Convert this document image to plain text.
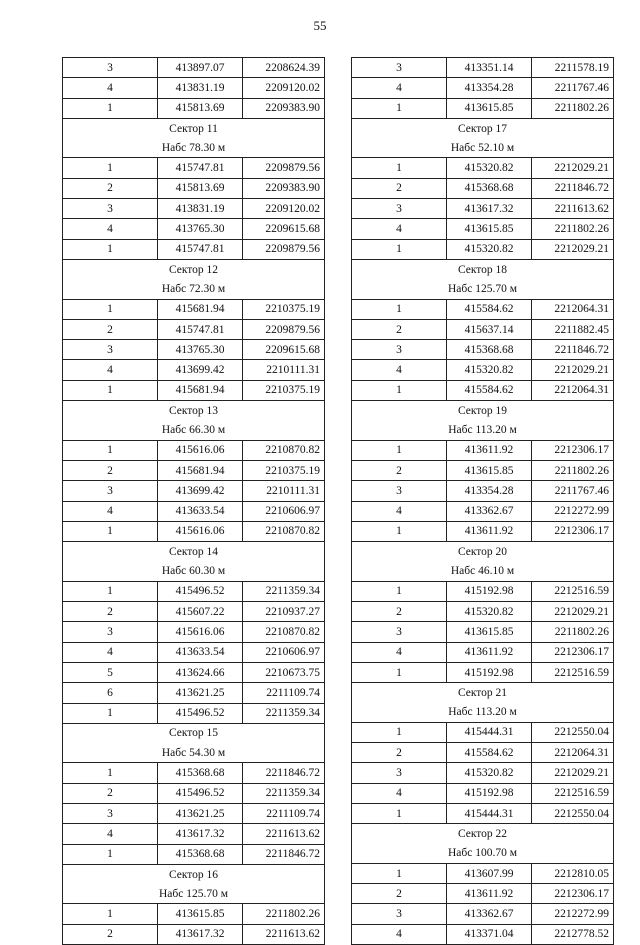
55
3	413897.07	2208624.39
4	413831.19	2209120.02
1	415813.69	2209383.90
Сектор 11		
Набс 78.30 м		
1	415747.81	2209879.56
2	415813.69	2209383.90
3	413831.19	2209120.02
4	413765.30	2209615.68
1	415747.81	2209879.56
Сектор 12		
Набс 72.30 м		
1	415681.94	2210375.19
2	415747.81	2209879.56
3	413765.30	2209615.68
4	413699.42	2210111.31
1	415681.94	2210375.19
Сектор 13		
Набс 66.30 м		
1	415616.06	2210870.82
2	415681.94	2210375.19
3	413699.42	2210111.31
4	413633.54	2210606.97
1	415616.06	2210870.82
Сектор 14		
Набс 60.30 м		
1	415496.52	2211359.34
2	415607.22	2210937.27
3	415616.06	2210870.82
4	413633.54	2210606.97
5	413624.66	2210673.75
6	413621.25	2211109.74
1	415496.52	2211359.34
Сектор 15		
Набс 54.30 м		
1	415368.68	2211846.72
2	415496.52	2211359.34
3	413621.25	2211109.74
4	413617.32	2211613.62
1	415368.68	2211846.72
Сектор 16		
Набс 125.70 м		
1	413615.85	2211802.26
2	413617.32	2211613.62
3	413351.14	2211578.19
4	413354.28	2211767.46
1	413615.85	2211802.26
Сектор 17		
Набс 52.10 м		
1	415320.82	2212029.21
2	415368.68	2211846.72
3	413617.32	2211613.62
4	413615.85	2211802.26
1	415320.82	2212029.21
Сектор 18		
Набс 125.70 м		
1	415584.62	2212064.31
2	415637.14	2211882.45
3	415368.68	2211846.72
4	415320.82	2212029.21
1	415584.62	2212064.31
Сектор 19		
Набс 113.20 м		
1	413611.92	2212306.17
2	413615.85	2211802.26
3	413354.28	2211767.46
4	413362.67	2212272.99
1	413611.92	2212306.17
Сектор 20		
Набс 46.10 м		
1	415192.98	2212516.59
2	415320.82	2212029.21
3	413615.85	2211802.26
4	413611.92	2212306.17
1	415192.98	2212516.59
Сектор 21		
Набс 113.20 м		
1	415444.31	2212550.04
2	415584.62	2212064.31
3	415320.82	2212029.21
4	415192.98	2212516.59
1	415444.31	2212550.04
Сектор 22		
Набс 100.70 м		
1	413607.99	2212810.05
2	413611.92	2212306.17
3	413362.67	2212272.99
4	413371.04	2212778.52
